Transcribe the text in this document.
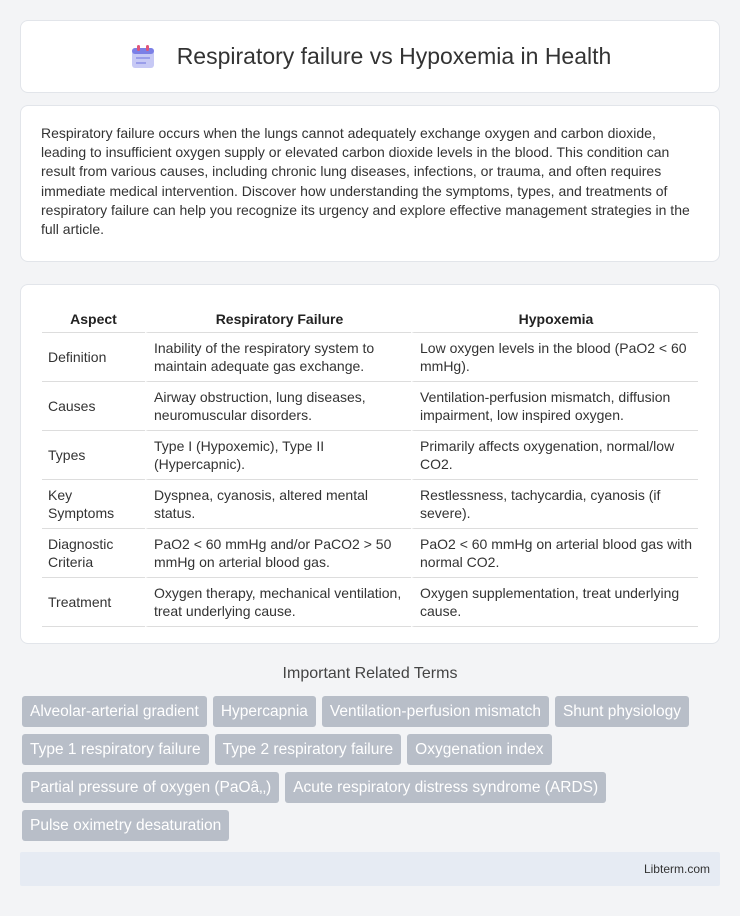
Respiratory failure vs Hypoxemia in Health

Respiratory failure occurs when the lungs cannot adequately exchange oxygen and carbon dioxide, leading to insufficient oxygen supply or elevated carbon dioxide levels in the blood. This condition can result from various causes, including chronic lung diseases, infections, or trauma, and often requires immediate medical intervention. Discover how understanding the symptoms, types, and treatments of respiratory failure can help you recognize its urgency and explore effective management strategies in the full article.

Aspect	Respiratory Failure	Hypoxemia
Definition	Inability of the respiratory system to maintain adequate gas exchange.	Low oxygen levels in the blood (PaO2 < 60 mmHg).
Causes	Airway obstruction, lung diseases, neuromuscular disorders.	Ventilation-perfusion mismatch, diffusion impairment, low inspired oxygen.
Types	Type I (Hypoxemic), Type II (Hypercapnic).	Primarily affects oxygenation, normal/low CO2.
Key Symptoms	Dyspnea, cyanosis, altered mental status.	Restlessness, tachycardia, cyanosis (if severe).
Diagnostic Criteria	PaO2 < 60 mmHg and/or PaCO2 > 50 mmHg on arterial blood gas.	PaO2 < 60 mmHg on arterial blood gas with normal CO2.
Treatment	Oxygen therapy, mechanical ventilation, treat underlying cause.	Oxygen supplementation, treat underlying cause.
Important Related Terms
Alveolar-arterial gradient	Hypercapnia	Ventilation-perfusion mismatch	Shunt physiology
Type 1 respiratory failure	Type 2 respiratory failure	Oxygenation index
Partial pressure of oxygen (PaOâ‚‚)	Acute respiratory distress syndrome (ARDS)
Pulse oximetry desaturation
Libterm.com
